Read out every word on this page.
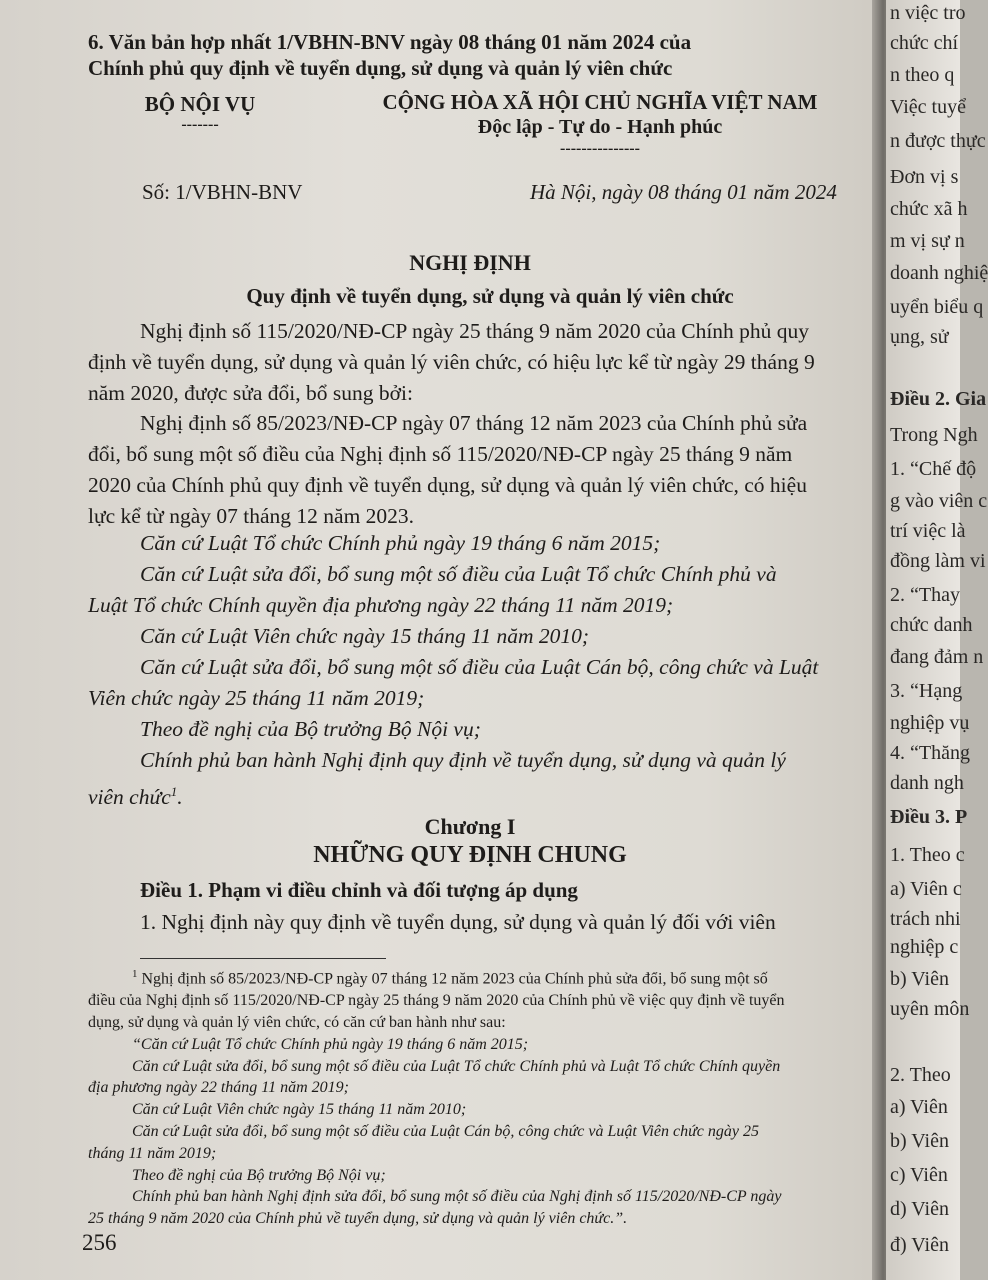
6. Văn bản hợp nhất 1/VBHN-BNV ngày 08 tháng 01 năm 2024 của
Chính phủ quy định về tuyển dụng, sử dụng và quản lý viên chức
BỘ NỘI VỤ
-------
CỘNG HÒA XÃ HỘI CHỦ NGHĨA VIỆT NAM
Độc lập - Tự do - Hạnh phúc
---------------
Số: 1/VBHN-BNV	Hà Nội, ngày 08 tháng 01 năm 2024
NGHỊ ĐỊNH
Quy định về tuyển dụng, sử dụng và quản lý viên chức
Nghị định số 115/2020/NĐ-CP ngày 25 tháng 9 năm 2020 của Chính phủ quy
định về tuyển dụng, sử dụng và quản lý viên chức, có hiệu lực kể từ ngày 29 tháng 9
năm 2020, được sửa đổi, bổ sung bởi:
Nghị định số 85/2023/NĐ-CP ngày 07 tháng 12 năm 2023 của Chính phủ sửa
đổi, bổ sung một số điều của Nghị định số 115/2020/NĐ-CP ngày 25 tháng 9 năm
2020 của Chính phủ quy định về tuyển dụng, sử dụng và quản lý viên chức, có hiệu
lực kể từ ngày 07 tháng 12 năm 2023.
Căn cứ Luật Tổ chức Chính phủ ngày 19 tháng 6 năm 2015;
Căn cứ Luật sửa đổi, bổ sung một số điều của Luật Tổ chức Chính phủ và
Luật Tổ chức Chính quyền địa phương ngày 22 tháng 11 năm 2019;
Căn cứ Luật Viên chức ngày 15 tháng 11 năm 2010;
Căn cứ Luật sửa đổi, bổ sung một số điều của Luật Cán bộ, công chức và Luật
Viên chức ngày 25 tháng 11 năm 2019;
Theo đề nghị của Bộ trưởng Bộ Nội vụ;
Chính phủ ban hành Nghị định quy định về tuyển dụng, sử dụng và quản lý
viên chức$^1$.
Chương I
NHỮNG QUY ĐỊNH CHUNG
Điều 1. Phạm vi điều chỉnh và đối tượng áp dụng
1. Nghị định này quy định về tuyển dụng, sử dụng và quản lý đối với viên
$^1$ Nghị định số 85/2023/NĐ-CP ngày 07 tháng 12 năm 2023 của Chính phủ sửa đổi, bổ sung một số
điều của Nghị định số 115/2020/NĐ-CP ngày 25 tháng 9 năm 2020 của Chính phủ về việc quy định về tuyển
dụng, sử dụng và quản lý viên chức, có căn cứ ban hành như sau:
“Căn cứ Luật Tổ chức Chính phủ ngày 19 tháng 6 năm 2015;
Căn cứ Luật sửa đổi, bổ sung một số điều của Luật Tổ chức Chính phủ và Luật Tổ chức Chính quyền
địa phương ngày 22 tháng 11 năm 2019;
Căn cứ Luật Viên chức ngày 15 tháng 11 năm 2010;
Căn cứ Luật sửa đổi, bổ sung một số điều của Luật Cán bộ, công chức và Luật Viên chức ngày 25
tháng 11 năm 2019;
Theo đề nghị của Bộ trưởng Bộ Nội vụ;
Chính phủ ban hành Nghị định sửa đổi, bổ sung một số điều của Nghị định số 115/2020/NĐ-CP ngày
25 tháng 9 năm 2020 của Chính phủ về tuyển dụng, sử dụng và quản lý viên chức.”.
256
n việc tro
chức chí
n theo q
Việc tuyể
n được thực
Đơn vị s
chức xã h
m vị sự n
doanh nghiệ
uyển biểu q
ụng, sử
Điều 2. Gia
Trong Ngh
1. “Chế độ
g vào viên c
trí việc là
đồng làm vi
2. “Thay
chức danh
đang đảm n
3. “Hạng
nghiệp vụ
4. “Thăng
danh ngh
Điều 3. P
1. Theo c
a) Viên c
trách nhi
nghiệp c
b) Viên
uyên môn
2. Theo
a) Viên
b) Viên
c) Viên
d) Viên
đ) Viên
